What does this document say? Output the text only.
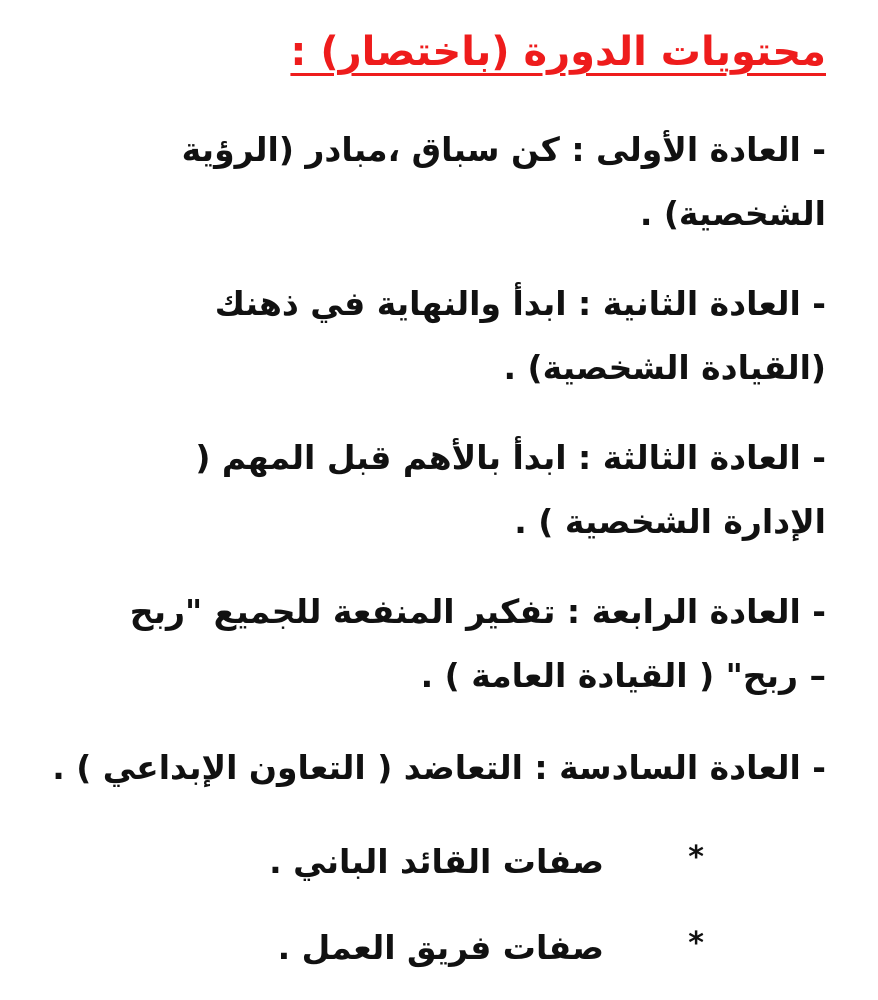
محتويات الدورة (باختصار) :

- العادة الأولى : كن سباق ،مبادر (الرؤية الشخصية) .

- العادة الثانية : ابدأ والنهاية في ذهنك (القيادة الشخصية) .

- العادة الثالثة : ابدأ بالأهم قبل المهم ( الإدارة الشخصية ) .

- العادة الرابعة : تفكير المنفعة للجميع "ربح – ربح" ( القيادة العامة ) .

- العادة السادسة : التعاضد ( التعاون الإبداعي ) .

*
صفات القائد الباني .
*
صفات فريق العمل .
